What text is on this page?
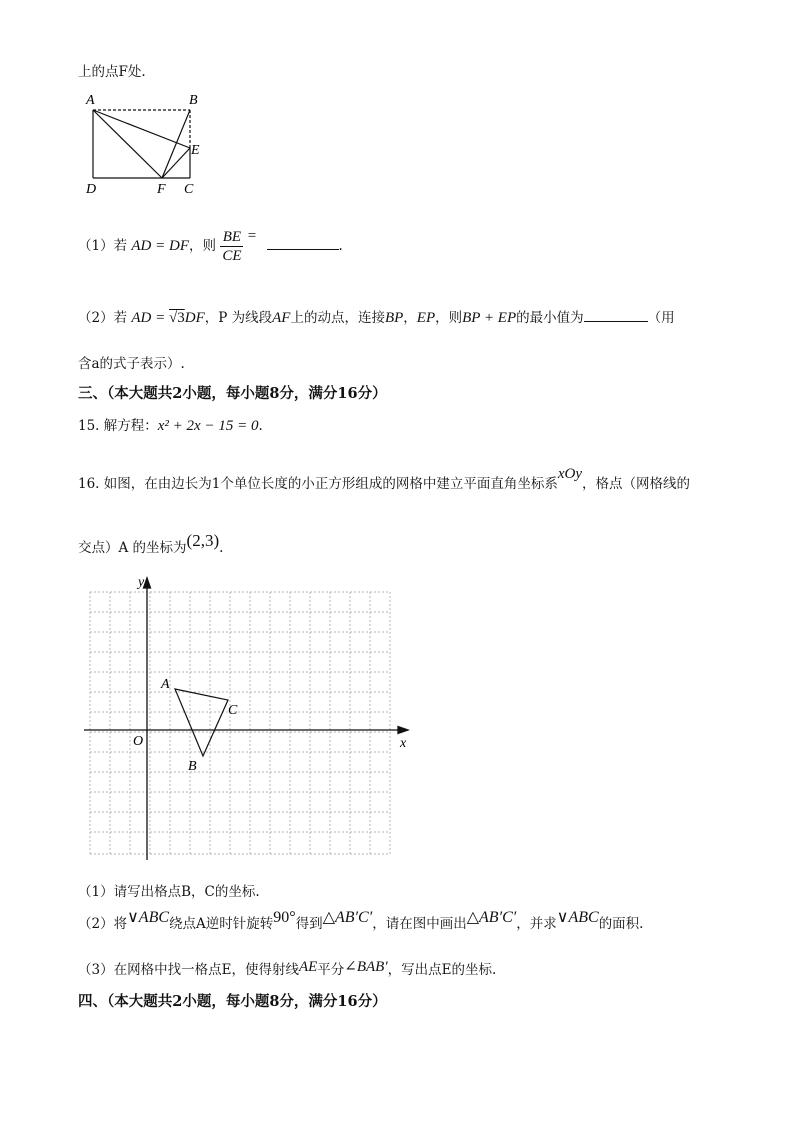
上的点F处.
A	B
E
D	F C
（1）若 AD = DF，则 $\frac{BE}{CE}$ = .
（2）若 AD = √3DF，P 为线段AF上的动点，连接BP，EP，则BP + EP的最小值为	（用
含a的式子表示）.
三、（本大题共2小题，每小题8分，满分16分）
15. 解方程：x² + 2x − 15 = 0.
16. 如图，在由边长为1个单位长度的小正方形组成的网格中建立平面直角坐标系xOy，格点（网格线的
交点）A 的坐标为(2,3).
y
x
O
A
B
C
（1）请写出格点B，C的坐标.
（2）将∨ABC绕点A逆时针旋转90°得到△AB′C′，请在图中画出△AB′C′，并求∨ABC的面积.
（3）在网格中找一格点E，使得射线AE平分∠BAB′，写出点E的坐标.
四、（本大题共2小题，每小题8分，满分16分）
